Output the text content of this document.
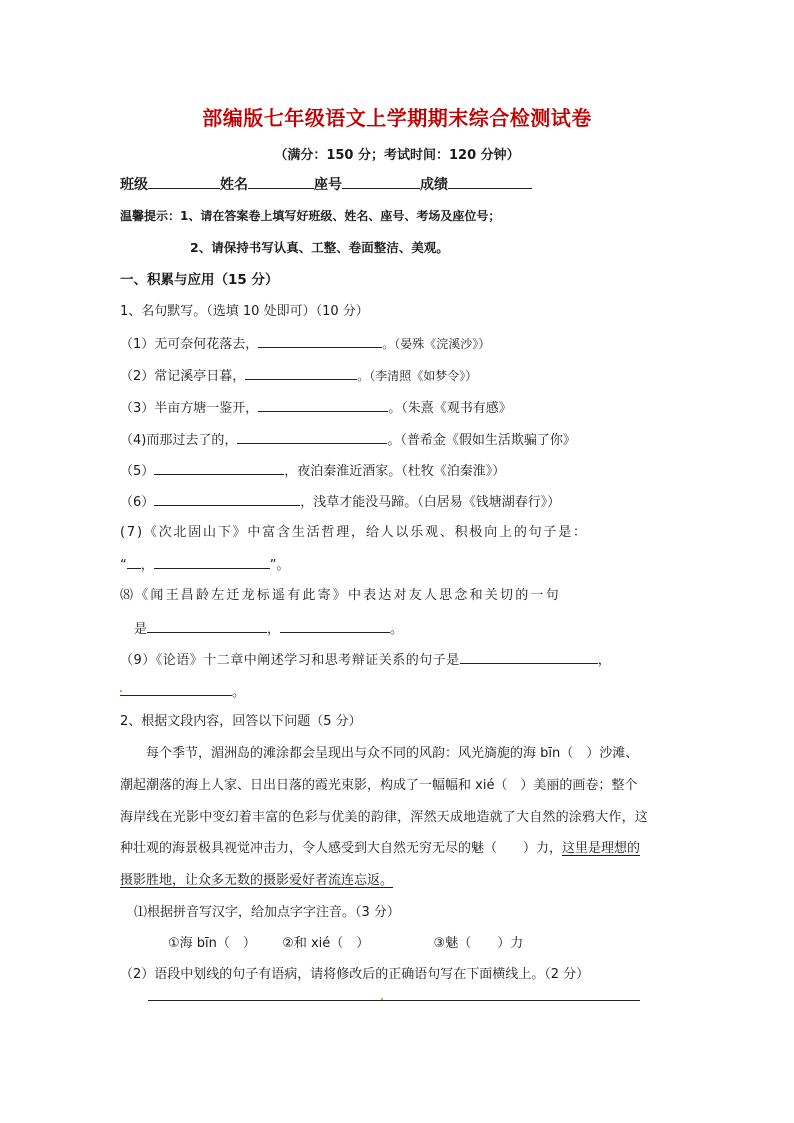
部编版七年级语文上学期期末综合检测试卷
（满分：150 分；考试时间：120 分钟）
班级	姓名	座号	成绩
温馨提示：1、请在答案卷上填写好班级、姓名、座号、考场及座位号；
2、请保持书写认真、工整、卷面整洁、美观。
一、积累与应用（15 分）
1、名句默写。（选填 10 处即可）（10 分）
（1）无可奈何花落去，	。（晏殊《浣溪沙》）
（2）常记溪亭日暮，	。（李清照《如梦令》）
（3）半亩方塘一鉴开，	。（朱熹《观书有感》
（4)而那过去了的，	。（普希金《假如生活欺骗了你》
（5）	，夜泊秦淮近酒家。（杜牧《泊秦淮》）
（6）	，浅草才能没马蹄。（白居易《钱塘湖春行》）
(7)《次北固山下》中富含生活哲理，给人以乐观、积极向上的句子是：
“ ，	”。
⑻《闻王昌龄左迁龙标遥有此寄》中表达对友人思念和关切的一句
是	，	。
（9）《论语》十二章中阐述学习和思考辩证关系的句子是	，
。
2、根据文段内容，回答以下问题（5 分）
每个季节，湄洲岛的滩涂都会呈现出与众不同的风韵：风光旖旎的海 bīn（　）沙滩、
潮起潮落的海上人家、日出日落的霞光束影，构成了一幅幅和 xié（　）美丽的画卷；整个
海岸线在光影中变幻着丰富的色彩与优美的韵律，浑然天成地造就了大自然的涂鸦大作，这
种壮观的海景极具视觉冲击力，令人感受到大自然无穷无尽的魅（　　）力，这里是理想的
摄影胜地，让众多无数的摄影爱好者流连忘返。
⑴根据拼音写汉字，给加点字字注音。（3 分）
①海 bīn（　） ②和 xié（　）	③魅（　　）力
（2）语段中划线的句子有语病，请将修改后的正确语句写在下面横线上。（2 分）
